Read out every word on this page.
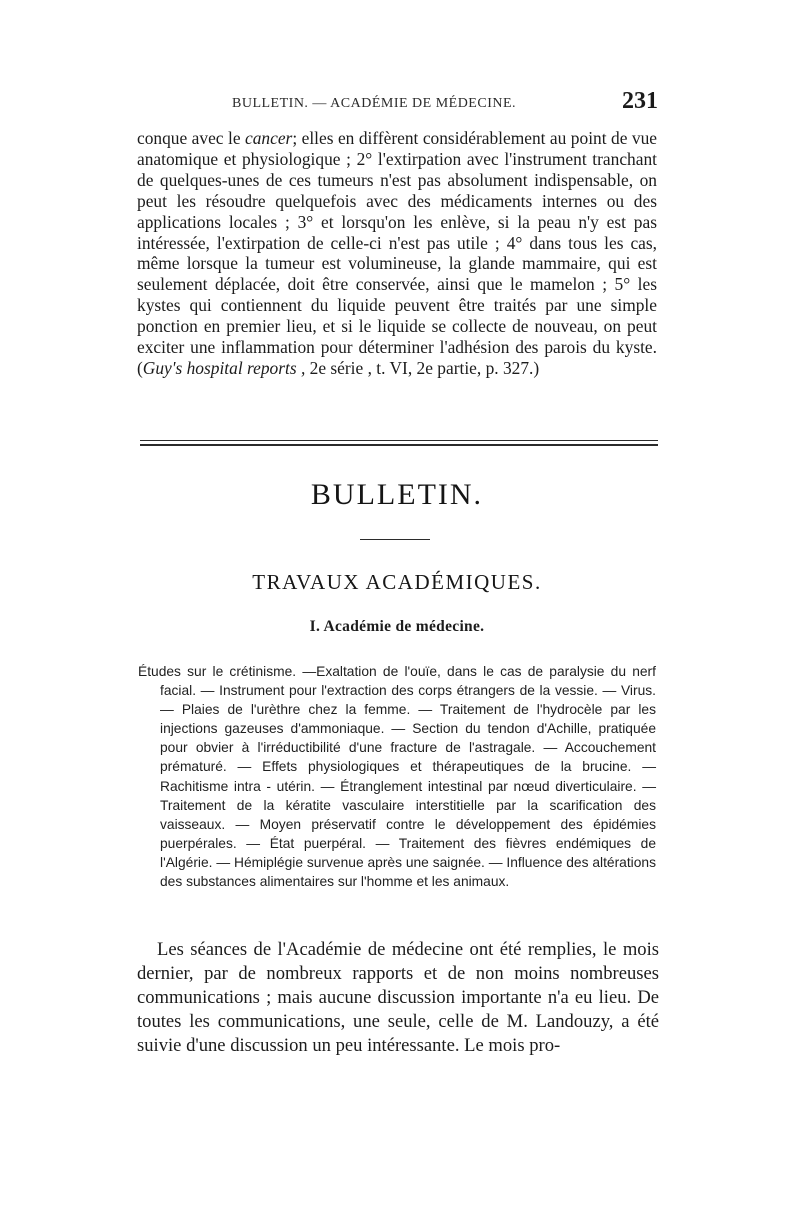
BULLETIN. — ACADÉMIE DE MÉDECINE.	231

conque avec le cancer; elles en diffèrent considérablement au point de vue anatomique et physiologique ; 2° l'extirpation avec l'instrument tranchant de quelques-unes de ces tumeurs n'est pas absolument indispensable, on peut les résoudre quelquefois avec des médicaments internes ou des applications locales ; 3° et lorsqu'on les enlève, si la peau n'y est pas intéressée, l'extirpation de celle-ci n'est pas utile ; 4° dans tous les cas, même lorsque la tumeur est volumineuse, la glande mammaire, qui est seulement déplacée, doit être conservée, ainsi que le mamelon ; 5° les kystes qui contiennent du liquide peuvent être traités par une simple ponction en premier lieu, et si le liquide se collecte de nouveau, on peut exciter une inflammation pour déterminer l'adhésion des parois du kyste. (Guy's hospital reports , 2e série , t. VI, 2e partie, p. 327.)

BULLETIN.
TRAVAUX ACADÉMIQUES.
I. Académie de médecine.

Études sur le crétinisme. —Exaltation de l'ouïe, dans le cas de paralysie du nerf facial. — Instrument pour l'extraction des corps étrangers de la vessie. — Virus. — Plaies de l'urèthre chez la femme. — Traitement de l'hydrocèle par les injections gazeuses d'ammoniaque. — Section du tendon d'Achille, pratiquée pour obvier à l'irréductibilité d'une fracture de l'astragale. — Accouchement prématuré. — Effets physiologiques et thérapeutiques de la brucine. — Rachitisme intra - utérin. — Étranglement intestinal par nœud diverticulaire. — Traitement de la kératite vasculaire interstitielle par la scarification des vaisseaux. — Moyen préservatif contre le développement des épidémies puerpérales. — État puerpéral. — Traitement des fièvres endémiques de l'Algérie. — Hémiplégie survenue après une saignée. — Influence des altérations des substances alimentaires sur l'homme et les animaux.

Les séances de l'Académie de médecine ont été remplies, le mois dernier, par de nombreux rapports et de non moins nombreuses communications ; mais aucune discussion importante n'a eu lieu. De toutes les communications, une seule, celle de M. Landouzy, a été suivie d'une discussion un peu intéressante. Le mois pro-
